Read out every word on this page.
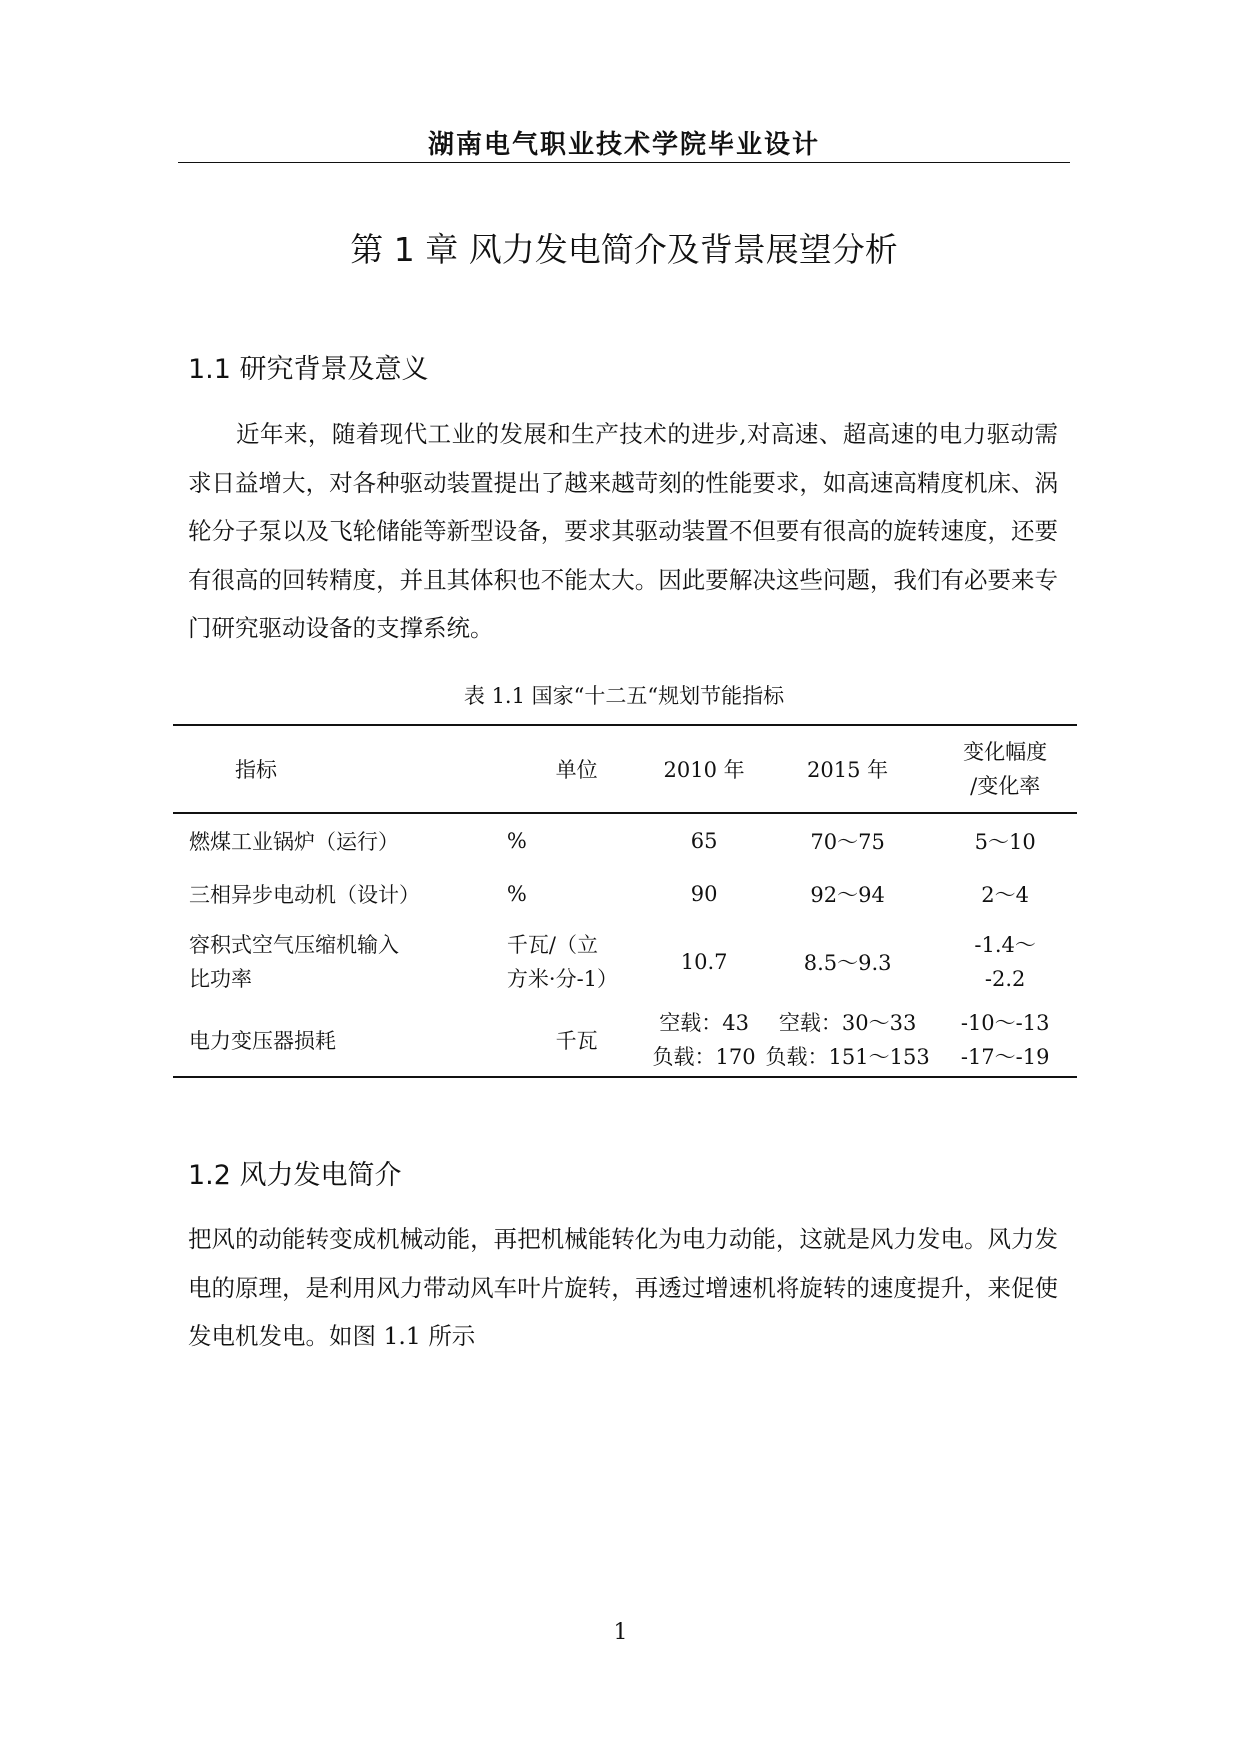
湖南电气职业技术学院毕业设计
第 1 章 风力发电简介及背景展望分析
1.1 研究背景及意义
近年来，随着现代工业的发展和生产技术的进步,对高速、超高速的电力驱动需求日益增大，对各种驱动装置提出了越来越苛刻的性能要求，如高速高精度机床、涡轮分子泵以及飞轮储能等新型设备，要求其驱动装置不但要有很高的旋转速度，还要有很高的回转精度，并且其体积也不能太大。因此要解决这些问题，我们有必要来专门研究驱动设备的支撑系统。
表 1.1 国家“十二五“规划节能指标
指标	单位	2010 年	2015 年	变化幅度
/变化率

燃煤工业锅炉（运行）	%	65	70～75	5～10
三相异步电动机（设计）	%	90	92～94	2～4

容积式空气压缩机输入
比功率	千瓦/（立
方米·分-1）	10.7	8.5～9.3	-1.4～
-2.2

电力变压器损耗	千瓦	空载：43
负载：170	空载：30～33
负载：151～153	-10～-13
-17～-19
1.2 风力发电简介
把风的动能转变成机械动能，再把机械能转化为电力动能，这就是风力发电。风力发电的原理，是利用风力带动风车叶片旋转，再透过增速机将旋转的速度提升，来促使发电机发电。如图 1.1 所示
1
